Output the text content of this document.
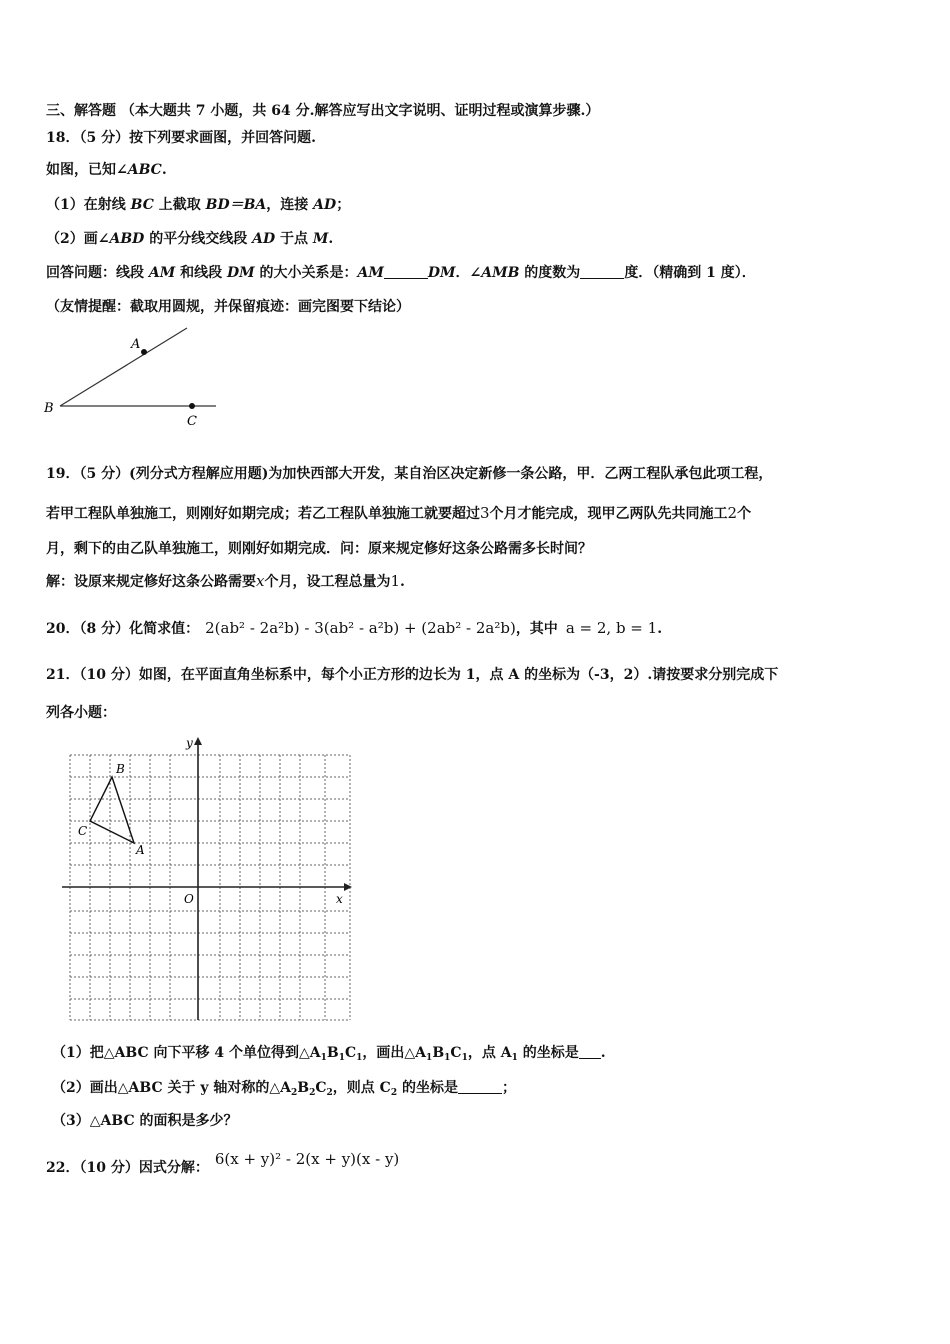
三、解答题 （本大题共 7 小题，共 64 分.解答应写出文字说明、证明过程或演算步骤.）
18．（5 分）按下列要求画图，并回答问题.
如图，已知∠ABC.
（1）在射线 BC 上截取 BD＝BA，连接 AD；
（2）画∠ABD 的平分线交线段 AD 于点 M.
回答问题：线段 AM 和线段 DM 的大小关系是：AM	DM．∠AMB 的度数为	度．（精确到 1 度）．
（友情提醒：截取用圆规，并保留痕迹：画完图要下结论）
A
B
C
19．（5 分）(列分式方程解应用题)为加快西部大开发，某自治区决定新修一条公路，甲．乙两工程队承包此项工程，
若甲工程队单独施工，则刚好如期完成；若乙工程队单独施工就要超过3个月才能完成，现甲乙两队先共同施工2个
月，剩下的由乙队单独施工，则刚好如期完成．问：原来规定修好这条公路需多长时间？
解：设原来规定修好这条公路需要x个月，设工程总量为1.
20．（8 分）化简求值： 2(ab² - 2a²b) - 3(ab² - a²b) + (2ab² - 2a²b)，其中 a = 2, b = 1.
21．（10 分）如图，在平面直角坐标系中，每个小正方形的边长为 1，点 A 的坐标为（-3，2）.请按要求分别完成下
列各小题：
B
C
A
O	x
y
（1）把△ABC 向下平移 4 个单位得到$\triangle A_1B_1C_1$，画出$\triangle A_1B_1C_1$，点 $A_1$ 的坐标是 .
（2）画出△ABC 关于 y 轴对称的$\triangle A_2B_2C_2$，则点 $C_2$ 的坐标是	；
（3）△ABC 的面积是多少？
22．（10 分）因式分解： 6(x + y)² - 2(x + y)(x - y)
